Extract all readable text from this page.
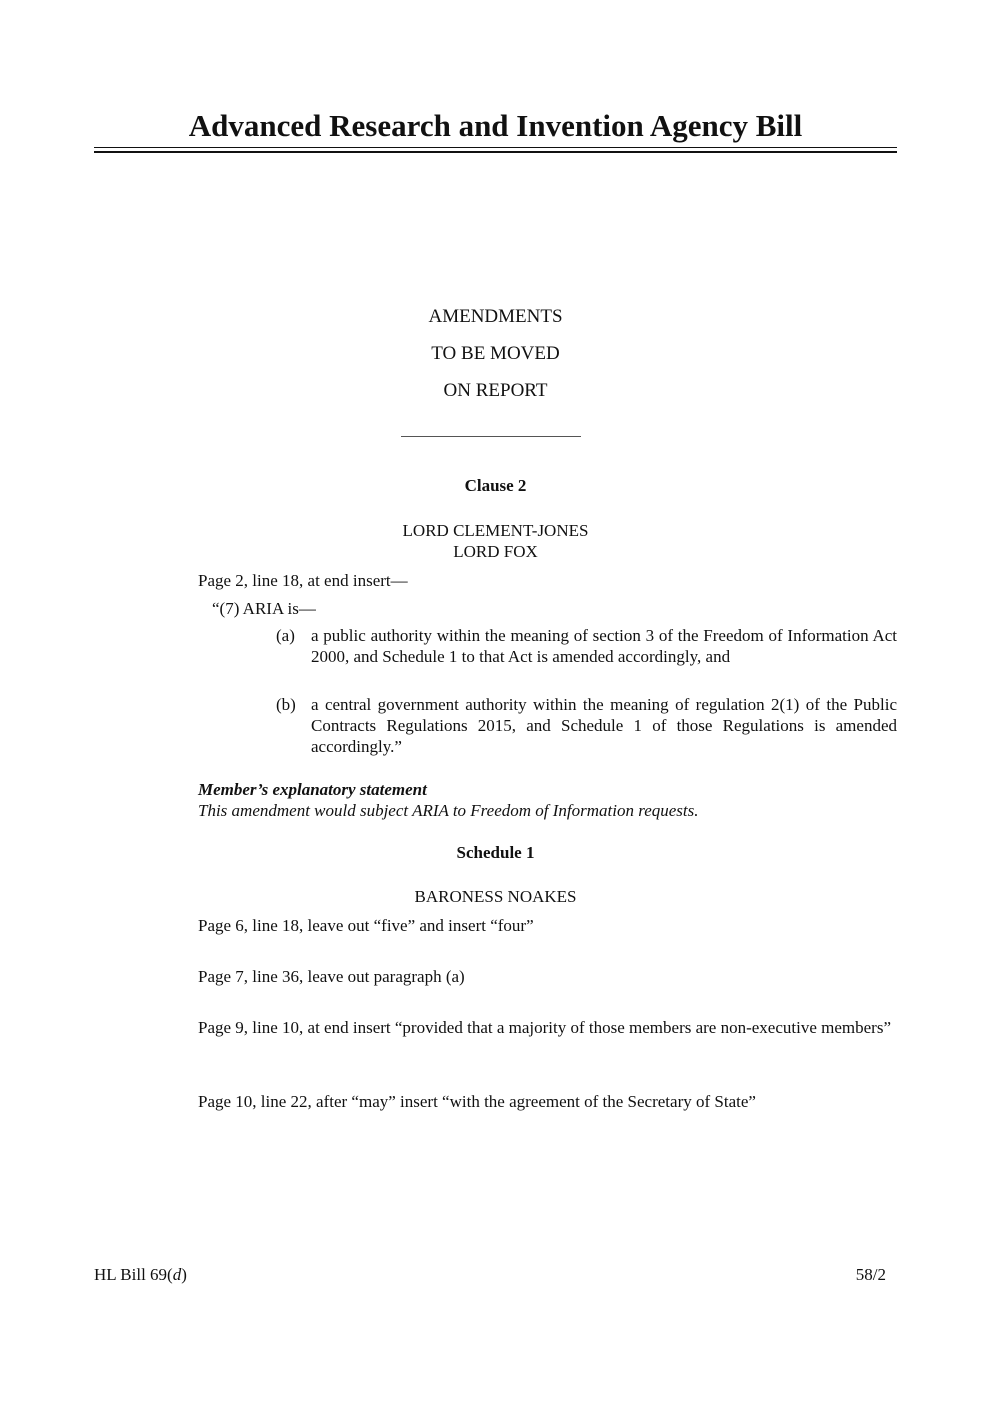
Advanced Research and Invention Agency Bill
AMENDMENTS
TO BE MOVED
ON REPORT
Clause 2
LORD CLEMENT-JONES
LORD FOX
Page 2, line 18, at end insert—
“(7) ARIA is—
(a) a public authority within the meaning of section 3 of the Freedom of Information Act 2000, and Schedule 1 to that Act is amended accordingly, and
(b) a central government authority within the meaning of regulation 2(1) of the Public Contracts Regulations 2015, and Schedule 1 of those Regulations is amended accordingly.”
Member’s explanatory statement
This amendment would subject ARIA to Freedom of Information requests.
Schedule 1
BARONESS NOAKES
Page 6, line 18, leave out “five” and insert “four”
Page 7, line 36, leave out paragraph (a)
Page 9, line 10, at end insert “provided that a majority of those members are non-executive members”
Page 10, line 22, after “may” insert “with the agreement of the Secretary of State”
HL Bill 69(d)	58/2
